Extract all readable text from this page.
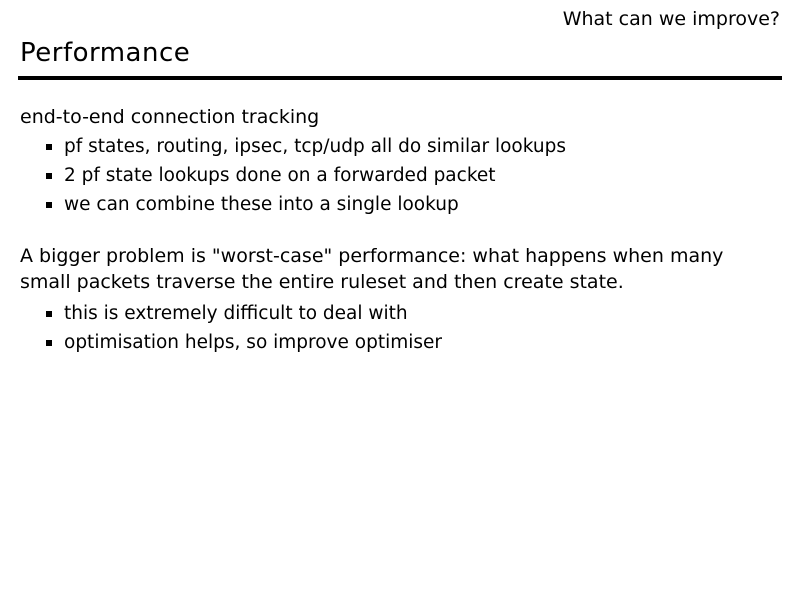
What can we improve?
Performance

end-to-end connection tracking

pf states, routing, ipsec, tcp/udp all do similar lookups
2 pf state lookups done on a forwarded packet
we can combine these into a single lookup

A bigger problem is "worst-case" performance: what happens when many small packets traverse the entire ruleset and then create state.

this is extremely difficult to deal with
optimisation helps, so improve optimiser
